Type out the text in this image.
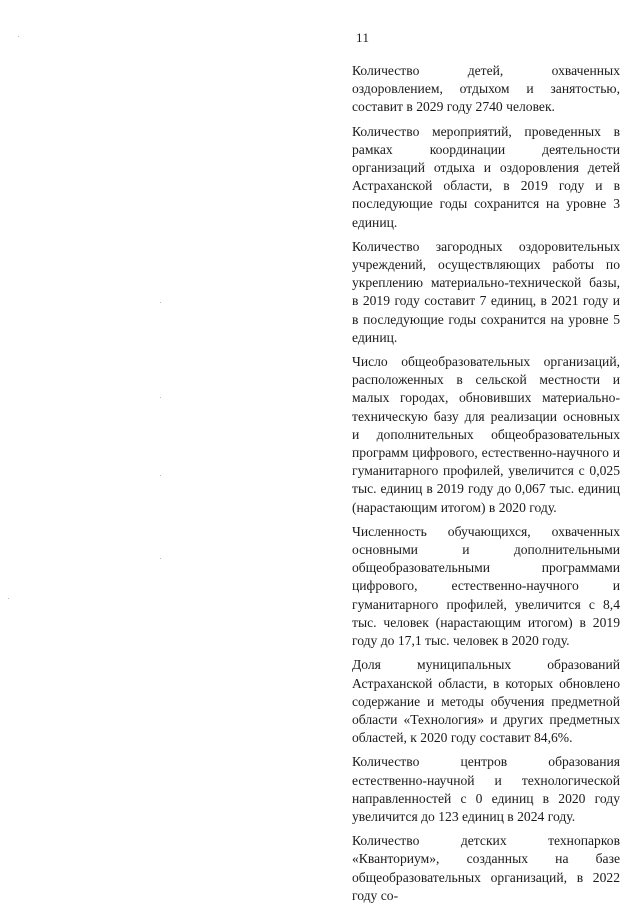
11

Количество детей, охваченных оздоровлением, отдыхом и занятостью, составит в 2029 году 2740 человек.

Количество мероприятий, проведенных в рамках координации деятельности организаций отдыха и оздоровления детей Астраханской области, в 2019 году и в последующие годы сохранится на уровне 3 единиц.

Количество загородных оздоровительных учреждений, осуществляющих работы по укреплению материально-технической базы, в 2019 году составит 7 единиц, в 2021 году и в последующие годы сохранится на уровне 5 единиц.

Число общеобразовательных организаций, расположенных в сельской местности и малых городах, обновивших материально-техническую базу для реализации основных и дополнительных общеобразовательных программ цифрового, естественно-научного и гуманитарного профилей, увеличится с 0,025 тыс. единиц в 2019 году до 0,067 тыс. единиц (нарастающим итогом) в 2020 году.

Численность обучающихся, охваченных основными и дополнительными общеобразовательными программами цифрового, естественно-научного и гуманитарного профилей, увеличится с 8,4 тыс. человек (нарастающим итогом) в 2019 году до 17,1 тыс. человек в 2020 году.

Доля муниципальных образований Астраханской области, в которых обновлено содержание и методы обучения предметной области «Технология» и других предметных областей, к 2020 году составит 84,6%.

Количество центров образования естественно-научной и технологической направленностей с 0 единиц в 2020 году увеличится до 123 единиц в 2024 году.

Количество детских технопарков «Кванториум», созданных на базе общеобразовательных организаций, в 2022 году со-
